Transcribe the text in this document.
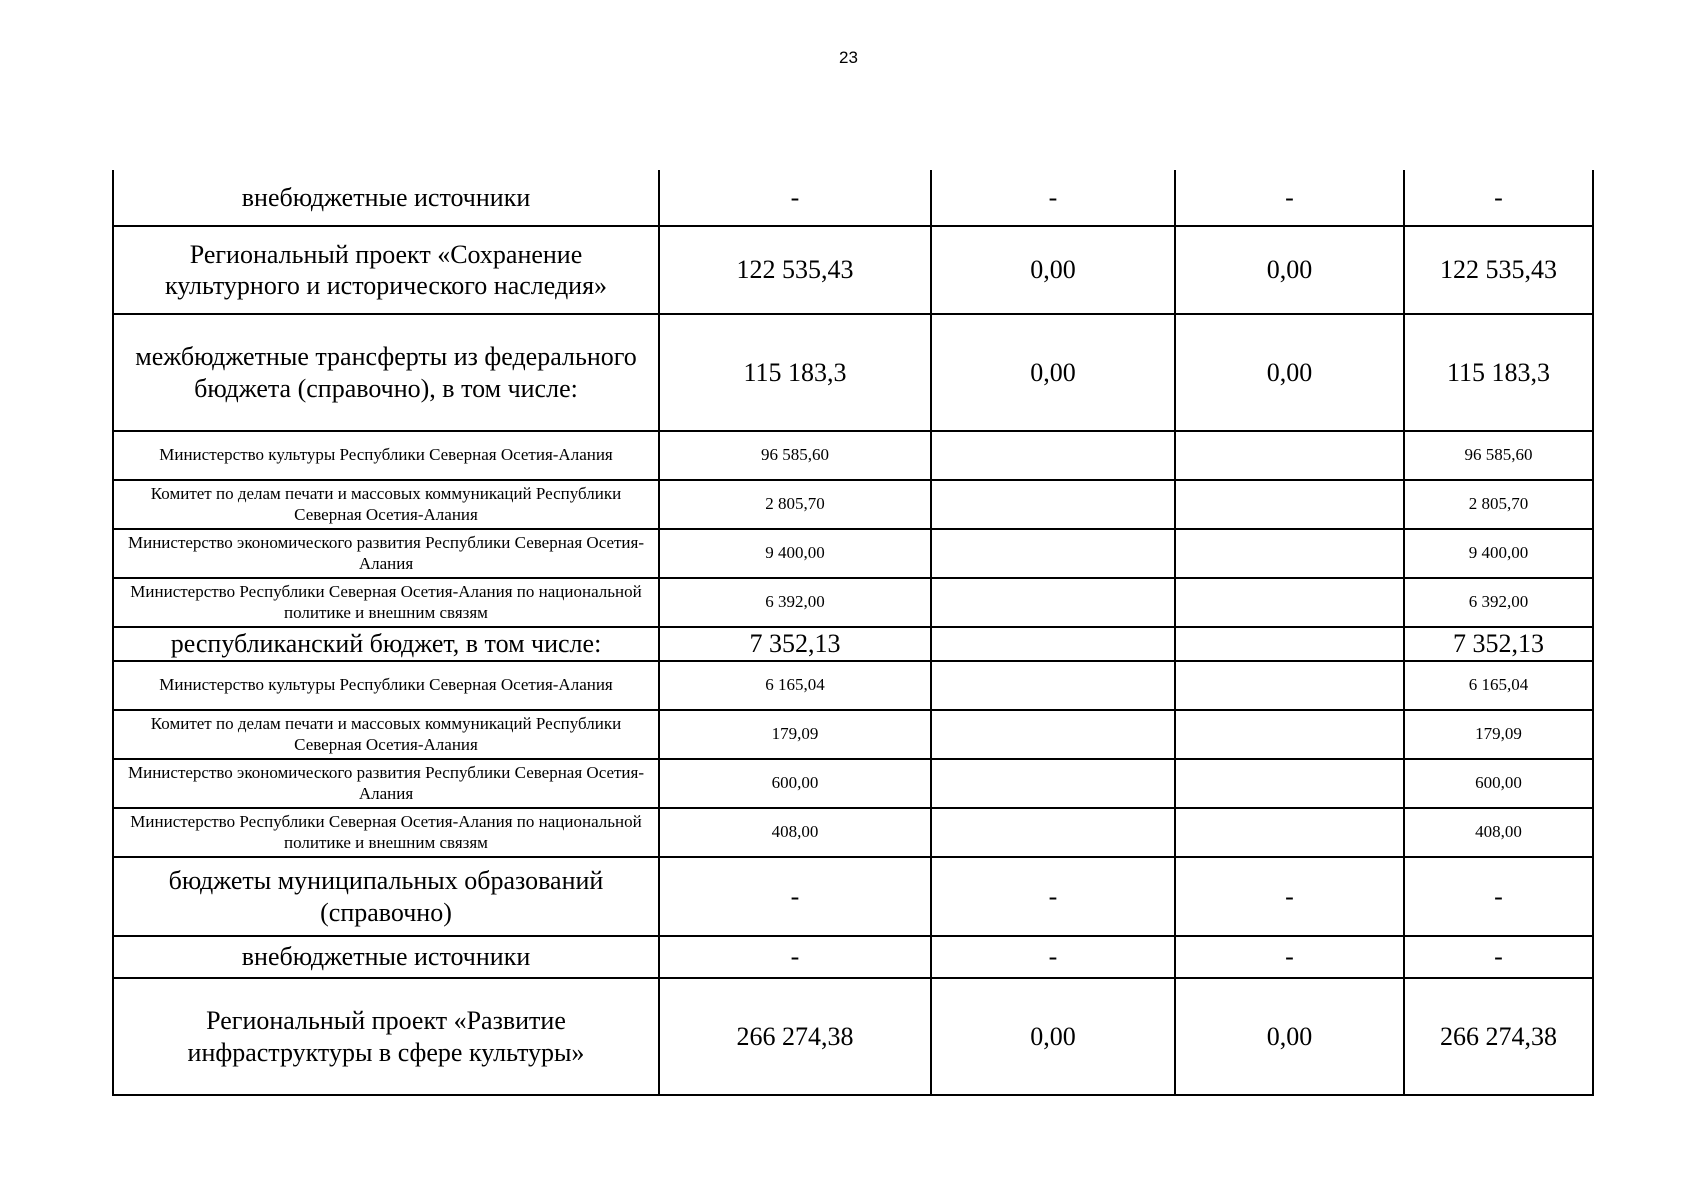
23
внебюджетные источники	-	-	-	-
Региональный проект «Сохранение культурного и исторического наследия»	122 535,43	0,00	0,00	122 535,43
межбюджетные трансферты из федерального бюджета (справочно), в том числе:	115 183,3	0,00	0,00	115 183,3
Министерство культуры Республики Северная Осетия-Алания	96 585,60			96 585,60
Комитет по делам печати и массовых коммуникаций Республики Северная Осетия-Алания	2 805,70			2 805,70
Министерство экономического развития Республики Северная Осетия-Алания	9 400,00			9 400,00
Министерство Республики Северная Осетия-Алания по национальной политике и внешним связям	6 392,00			6 392,00
республиканский бюджет, в том числе:	7 352,13			7 352,13
Министерство культуры Республики Северная Осетия-Алания	6 165,04			6 165,04
Комитет по делам печати и массовых коммуникаций Республики Северная Осетия-Алания	179,09			179,09
Министерство экономического развития Республики Северная Осетия-Алания	600,00			600,00
Министерство Республики Северная Осетия-Алания по национальной политике и внешним связям	408,00			408,00
бюджеты муниципальных образований (справочно)	-	-	-	-
внебюджетные источники	-	-	-	-
Региональный проект «Развитие инфраструктуры в сфере культуры»	266 274,38	0,00	0,00	266 274,38
